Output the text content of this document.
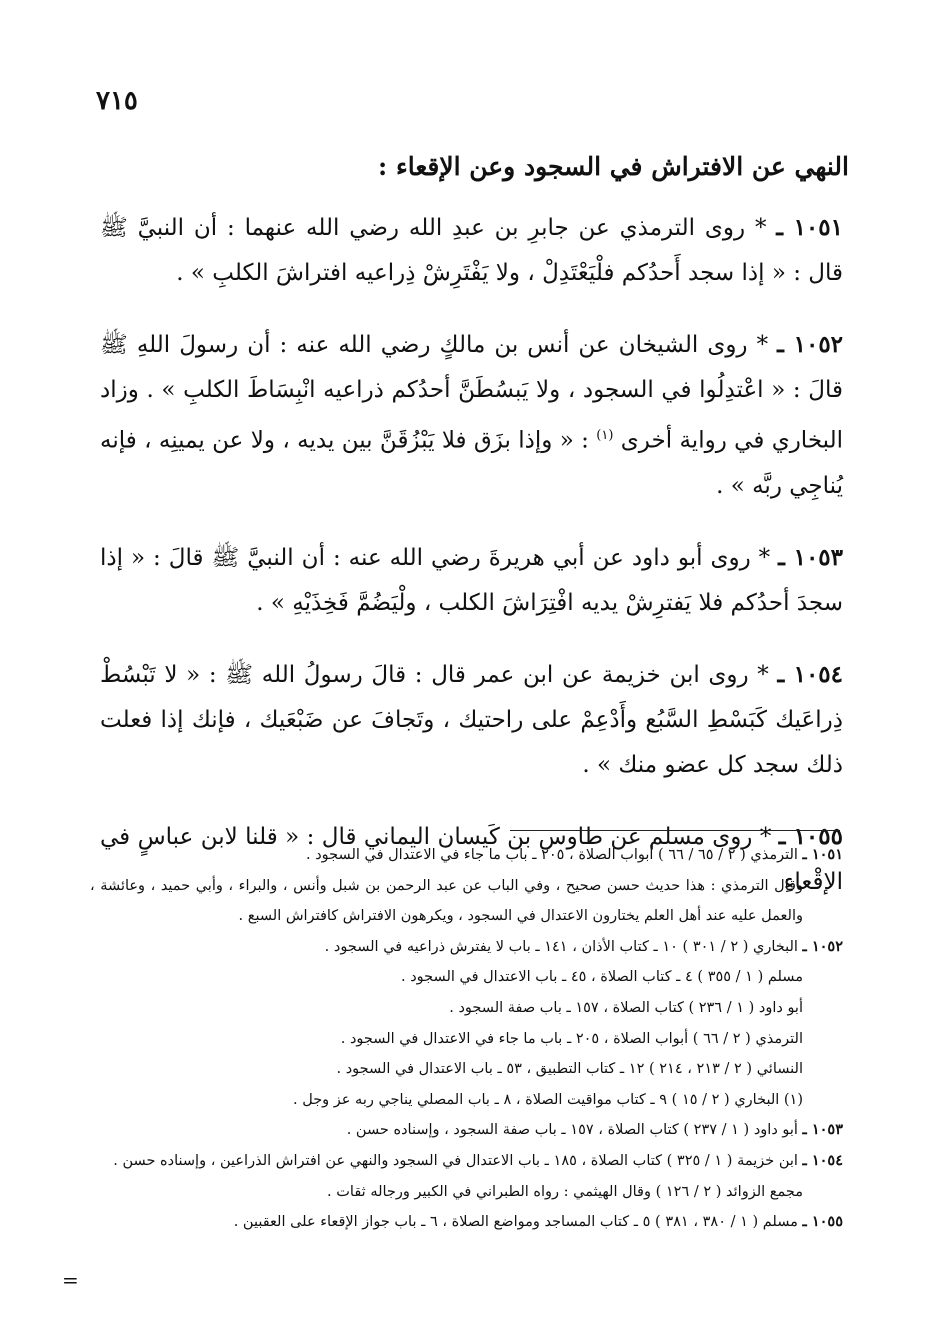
٧١٥
النهي عن الافتراش في السجود وعن الإقعاء :

١٠٥١ ـ * روى الترمذي عن جابرِ بن عبدِ الله رضي الله عنهما : أن النبيَّ ﷺ قال : « إذا سجد أَحدُكم فلْيَعْتَدِلْ ، ولا يَفْتَرِشْ ذِراعيه افتراشَ الكلبِ » .

١٠٥٢ ـ * روى الشيخان عن أنس بن مالكٍ رضي الله عنه : أن رسولَ اللهِ ﷺ قالَ : « اعْتدِلُوا في السجود ، ولا يَبسُطَنَّ أحدُكم ذراعيه انْبِسَاطَ الكلبِ » . وزاد البخاري في رواية أخرى $^{(١)}$ : « وإذا بزَق فلا يَبْزُقَنَّ بين يديه ، ولا عن يمينِه ، فإنه يُناجِي ربَّه » .

١٠٥٣ ـ * روى أبو داود عن أبي هريرةَ رضي الله عنه : أن النبيَّ ﷺ قالَ : « إذا سجدَ أحدُكم فلا يَفترِشْ يديه افْتِرَاشَ الكلب ، ولْيَضُمَّ فَخِذَيْهِ » .

١٠٥٤ ـ * روى ابن خزيمة عن ابن عمر قال : قالَ رسولُ الله ﷺ : « لا تَبْسُطْ ذِراعَيك كَبَسْطِ السَّبُع وأَدْعِمْ على راحتيك ، وتَجافَ عن ضَبْعَيك ، فإنك إذا فعلت ذلك سجد كل عضو منك » .

١٠٥٥ ـ * روى مسلم عن طاوس بن كَيسان اليماني قال : « قلنا لابن عباسٍ في الإقْعاءِ

١٠٥١ ـ الترمذي ( ٢ / ٦٥ / ٦٦ ) أبواب الصلاة ، ٢٠٥ ـ باب ما جاء في الاعتدال في السجود .
وقال الترمذي : هذا حديث حسن صحيح ، وفي الباب عن عبد الرحمن بن شبل وأنس ، والبراء ، وأبي حميد ، وعائشة ، والعمل عليه عند أهل العلم يختارون الاعتدال في السجود ، ويكرهون الافتراش كافتراش السبع .
١٠٥٢ ـ البخاري ( ٢ / ٣٠١ ) ١٠ ـ كتاب الأذان ، ١٤١ ـ باب لا يفترش ذراعيه في السجود .
مسلم ( ١ / ٣٥٥ ) ٤ ـ كتاب الصلاة ، ٤٥ ـ باب الاعتدال في السجود .
أبو داود ( ١ / ٢٣٦ ) كتاب الصلاة ، ١٥٧ ـ باب صفة السجود .
الترمذي ( ٢ / ٦٦ ) أبواب الصلاة ، ٢٠٥ ـ باب ما جاء في الاعتدال في السجود .
النسائي ( ٢ / ٢١٣ ، ٢١٤ ) ١٢ ـ كتاب التطبيق ، ٥٣ ـ باب الاعتدال في السجود .
(١) البخاري ( ٢ / ١٥ ) ٩ ـ كتاب مواقيت الصلاة ، ٨ ـ باب المصلي يناجي ربه عز وجل .
١٠٥٣ ـ أبو داود ( ١ / ٢٣٧ ) كتاب الصلاة ، ١٥٧ ـ باب صفة السجود ، وإسناده حسن .
١٠٥٤ ـ ابن خزيمة ( ١ / ٣٢٥ ) كتاب الصلاة ، ١٨٥ ـ باب الاعتدال في السجود والنهي عن افتراش الذراعين ، وإسناده حسن .
مجمع الزوائد ( ٢ / ١٢٦ ) وقال الهيثمي : رواه الطبراني في الكبير ورجاله ثقات .
١٠٥٥ ـ مسلم ( ١ / ٣٨٠ ، ٣٨١ ) ٥ ـ كتاب المساجد ومواضع الصلاة ، ٦ ـ باب جواز الإقعاء على العقبين .
=
